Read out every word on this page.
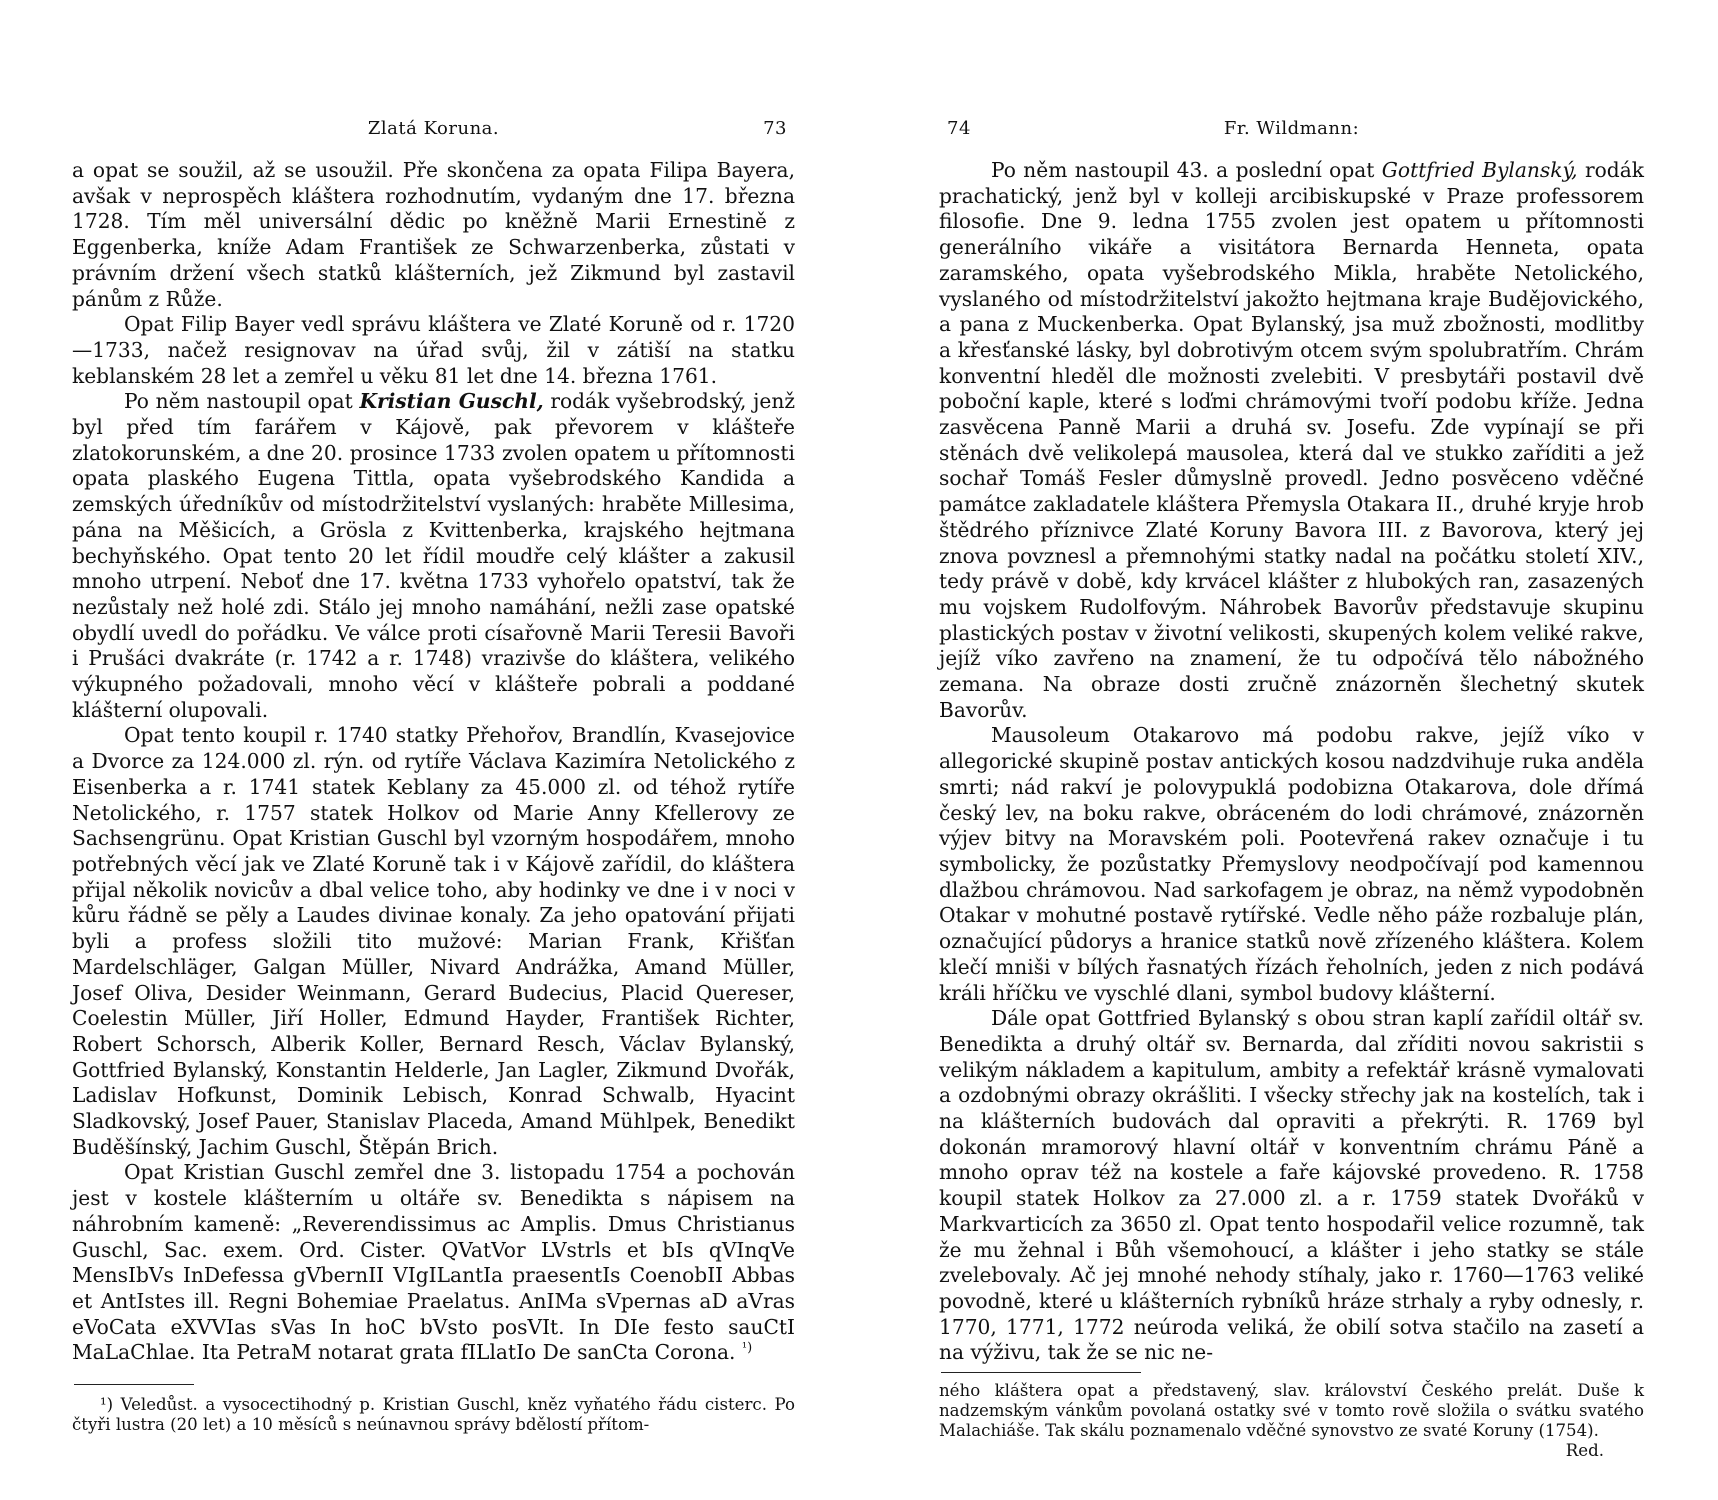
Zlatá Koruna.	73

a opat se soužil, až se usoužil. Pře skončena za opata Filipa Bayera, avšak v neprospěch kláštera rozhodnutím, vydaným dne 17. března 1728. Tím měl universální dědic po kněžně Marii Ernestině z Eggenberka, kníže Adam František ze Schwarzenberka, zůstati v právním držení všech statků klášterních, jež Zikmund byl zastavil pánům z Růže.

Opat Filip Bayer vedl správu kláštera ve Zlaté Koruně od r. 1720—1733, načež resignovav na úřad svůj, žil v zátiší na statku keblanském 28 let a zemřel u věku 81 let dne 14. března 1761.

Po něm nastoupil opat Kristian Guschl, rodák vyšebrodský, jenž byl před tím farářem v Kájově, pak převorem v klášteře zlatokorunském, a dne 20. prosince 1733 zvolen opatem u přítomnosti opata plaského Eugena Tittla, opata vyšebrodského Kandida a zemských úředníkův od místodržitelství vyslaných: hraběte Millesima, pána na Měšicích, a Grösla z Kvittenberka, krajského hejtmana bechyňského. Opat tento 20 let řídil moudře celý klášter a zakusil mnoho utrpení. Neboť dne 17. května 1733 vyhořelo opatství, tak že nezůstaly než holé zdi. Stálo jej mnoho namáhání, nežli zase opatské obydlí uvedl do pořádku. Ve válce proti císařovně Marii Teresii Bavoři i Prušáci dvakráte (r. 1742 a r. 1748) vrazivše do kláštera, velikého výkupného požadovali, mnoho věcí v klášteře pobrali a poddané klášterní olupovali.

Opat tento koupil r. 1740 statky Přehořov, Brandlín, Kvasejovice a Dvorce za 124.000 zl. rýn. od rytíře Václava Kazimíra Netolického z Eisenberka a r. 1741 statek Keblany za 45.000 zl. od téhož rytíře Netolického, r. 1757 statek Holkov od Marie Anny Kfellerovy ze Sachsengrünu. Opat Kristian Guschl byl vzorným hospodářem, mnoho potřebných věcí jak ve Zlaté Koruně tak i v Kájově zařídil, do kláštera přijal několik novicův a dbal velice toho, aby hodinky ve dne i v noci v kůru řádně se pěly a Laudes divinae konaly. Za jeho opatování přijati byli a profess složili tito mužové: Marian Frank, Křišťan Mardelschläger, Galgan Müller, Nivard Andrážka, Amand Müller, Josef Oliva, Desider Weinmann, Gerard Budecius, Placid Quereser, Coelestin Müller, Jiří Holler, Edmund Hayder, František Richter, Robert Schorsch, Alberik Koller, Bernard Resch, Václav Bylanský, Gottfried Bylanský, Konstantin Helderle, Jan Lagler, Zikmund Dvořák, Ladislav Hofkunst, Dominik Lebisch, Konrad Schwalb, Hyacint Sladkovský, Josef Pauer, Stanislav Placeda, Amand Mühlpek, Benedikt Buděšínský, Jachim Guschl, Štěpán Brich.

Opat Kristian Guschl zemřel dne 3. listopadu 1754 a pochován jest v kostele klášterním u oltáře sv. Benedikta s nápisem na náhrobním kameně: „Reverendissimus ac Amplis. Dmus Christianus Guschl, Sac. exem. Ord. Cister. QVatVor LVstrls et bIs qVInqVe MensIbVs InDefessa gVbernII VIgILantIa praesentIs CoenobII Abbas et AntIstes ill. Regni Bohemiae Praelatus. AnIMa sVpernas aD aVras eVoCata eXVVIas sVas In hoC bVsto posVIt. In DIe festo sauCtI MaLaChlae. Ita PetraM notarat grata fILlatIo De sanCta Corona. $^{^1)}$

¹) Veledůst. a vysocectihodný p. Kristian Guschl, kněz vyňatého řádu cisterc. Po čtyři lustra (20 let) a 10 měsíců s neúnavnou správy bdělostí přítom-

74	Fr. Wildmann:

Po něm nastoupil 43. a poslední opat Gottfried Bylanský, rodák prachatický, jenž byl v kolleji arcibiskupské v Praze professorem filosofie. Dne 9. ledna 1755 zvolen jest opatem u přítomnosti generálního vikáře a visitátora Bernarda Henneta, opata zaramského, opata vyšebrodského Mikla, hraběte Netolického, vyslaného od místodržitelství jakožto hejtmana kraje Budějovického, a pana z Muckenberka. Opat Bylanský, jsa muž zbožnosti, modlitby a křesťanské lásky, byl dobrotivým otcem svým spolubratřím. Chrám konventní hleděl dle možnosti zvelebiti. V presbytáři postavil dvě poboční kaple, které s loďmi chrámovými tvoří podobu kříže. Jedna zasvěcena Panně Marii a druhá sv. Josefu. Zde vypínají se při stěnách dvě velikolepá mausolea, která dal ve stukko zaříditi a jež sochař Tomáš Fesler důmyslně provedl. Jedno posvěceno vděčné památce zakladatele kláštera Přemysla Otakara II., druhé kryje hrob štědrého příznivce Zlaté Koruny Bavora III. z Bavorova, který jej znova povznesl a přemnohými statky nadal na počátku století XIV., tedy právě v době, kdy krvácel klášter z hlubokých ran, zasazených mu vojskem Rudolfovým. Náhrobek Bavorův představuje skupinu plastických postav v životní velikosti, skupených kolem veliké rakve, jejíž víko zavřeno na znamení, že tu odpočívá tělo nábožného zemana. Na obraze dosti zručně znázorněn šlechetný skutek Bavorův.

Mausoleum Otakarovo má podobu rakve, jejíž víko v allegorické skupině postav antických kosou nadzdvihuje ruka anděla smrti; nád rakví je polovypuklá podobizna Otakarova, dole dřímá český lev, na boku rakve, obráceném do lodi chrámové, znázorněn výjev bitvy na Moravském poli. Pootevřená rakev označuje i tu symbolicky, že pozůstatky Přemyslovy neodpočívají pod kamennou dlažbou chrámovou. Nad sarkofagem je obraz, na němž vypodobněn Otakar v mohutné postavě rytířské. Vedle něho páže rozbaluje plán, označující půdorys a hranice statků nově zřízeného kláštera. Kolem klečí mniši v bílých řasnatých řízách řeholních, jeden z nich podává králi hříčku ve vyschlé dlani, symbol budovy klášterní.

Dále opat Gottfried Bylanský s obou stran kaplí zařídil oltář sv. Benedikta a druhý oltář sv. Bernarda, dal zříditi novou sakristii s velikým nákladem a kapitulum, ambity a refektář krásně vymalovati a ozdobnými obrazy okrášliti. I všecky střechy jak na kostelích, tak i na klášterních budovách dal opraviti a překrýti. R. 1769 byl dokonán mramorový hlavní oltář v konventním chrámu Páně a mnoho oprav též na kostele a faře kájovské provedeno. R. 1758 koupil statek Holkov za 27.000 zl. a r. 1759 statek Dvořáků v Markvarticích za 3650 zl. Opat tento hospodařil velice rozumně, tak že mu žehnal i Bůh všemohoucí, a klášter i jeho statky se stále zvelebovaly. Ač jej mnohé nehody stíhaly, jako r. 1760—1763 veliké povodně, které u klášterních rybníků hráze strhaly a ryby odnesly, r. 1770, 1771, 1772 neúroda veliká, že obilí sotva stačilo na zasetí a na výživu, tak že se nic ne-

ného kláštera opat a představený, slav. království Českého prelát. Duše k nadzemským vánkům povolaná ostatky své v tomto rově složila o svátku svatého Malachiáše. Tak skálu poznamenalo vděčné synovstvo ze svaté Koruny (1754).

Red.
